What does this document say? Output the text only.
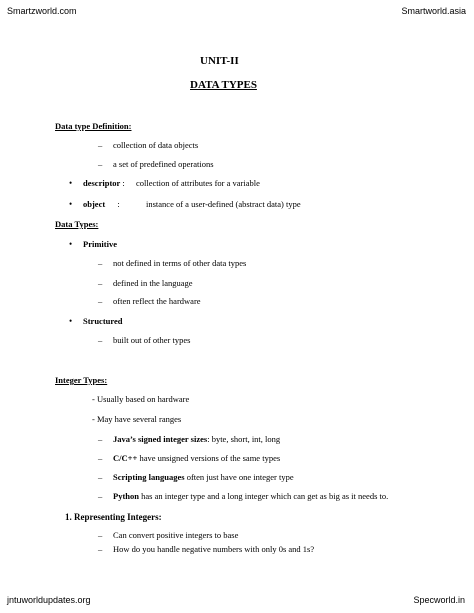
Smartzworld.com	Smartworld.asia
UNIT-II
DATA TYPES
Data type Definition:
– collection of data objects
– a set of predefined operations
• descriptor : collection of attributes for a variable
• object :	instance of a user-defined (abstract data) type
Data Types:
• Primitive
– not defined in terms of other data types
– defined in the language
– often reflect the hardware
• Structured
– built out of other types
Integer Types:
- Usually based on hardware
- May have several ranges
– Java’s signed integer sizes: byte, short, int, long
– C/C++ have unsigned versions of the same types
– Scripting languages often just have one integer type
– Python has an integer type and a long integer which can get as big as it needs to.
1. Representing Integers:
– Can convert positive integers to base
– How do you handle negative numbers with only 0s and 1s?
jntuworldupdates.org	Specworld.in
